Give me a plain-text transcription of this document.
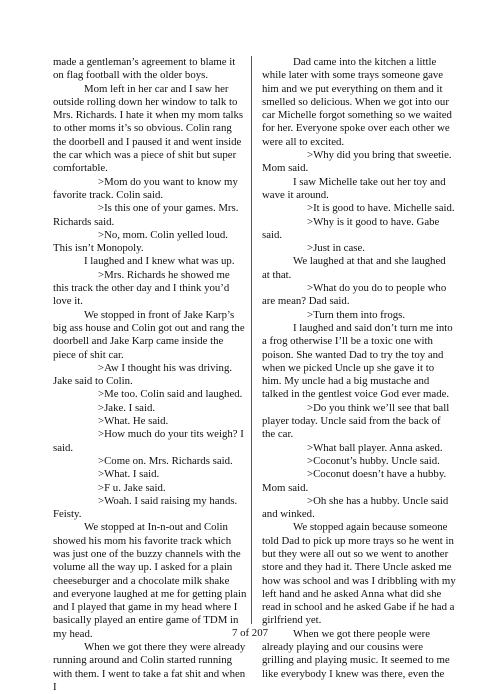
made a gentleman’s agreement to blame it on flag football with the older boys.

Mom left in her car and I saw her outside rolling down her window to talk to Mrs. Richards. I hate it when my mom talks to other moms it’s so obvious. Colin rang the doorbell and I paused it and went inside the car which was a piece of shit but super comfortable.

>Mom do you want to know my favorite track. Colin said.

>Is this one of your games. Mrs. Richards said.

>No, mom. Colin yelled loud. This isn’t Monopoly.

I laughed and I knew what was up.

>Mrs. Richards he showed me this track the other day and I think you’d love it.

We stopped in front of Jake Karp’s big ass house and Colin got out and rang the doorbell and Jake Karp came inside the piece of shit car.

>Aw I thought his was driving. Jake said to Colin.

>Me too. Colin said and laughed.

>Jake. I said.

>What. He said.

>How much do your tits weigh? I said.

>Come on. Mrs. Richards said.

>What. I said.

>F u. Jake said.

>Woah. I said raising my hands. Feisty.

We stopped at In-n-out and Colin showed his mom his favorite track which was just one of the buzzy channels with the volume all the way up. I asked for a plain cheeseburger and a chocolate milk shake and everyone laughed at me for getting plain and I played that game in my head where I basically played an entire game of TDM in my head.

When we got there they were already running around and Colin started running with them. I went to take a fat shit and when I

Dad came into the kitchen a little while later with some trays someone gave him and we put everything on them and it smelled so delicious. When we got into our car Michelle forgot something so we waited for her. Everyone spoke over each other we were all to excited.

>Why did you bring that sweetie. Mom said.

I saw Michelle take out her toy and wave it around.

>It is good to have. Michelle said.

>Why is it good to have. Gabe said.

>Just in case.

We laughed at that and she laughed at that.

>What do you do to people who are mean? Dad said.

>Turn them into frogs.

I laughed and said don’t turn me into a frog otherwise I’ll be a toxic one with poison. She wanted Dad to try the toy and when we picked Uncle up she gave it to him. My uncle had a big mustache and talked in the gentlest voice God ever made.

>Do you think we’ll see that ball player today. Uncle said from the back of the car.

>What ball player. Anna asked.

>Coconut’s hubby. Uncle said.

>Coconut doesn’t have a hubby. Mom said.

>Oh she has a hubby. Uncle said and winked.

We stopped again because someone told Dad to pick up more trays so he went in but they were all out so we went to another store and they had it. There Uncle asked me how was school and was I dribbling with my left hand and he asked Anna what did she read in school and he asked Gabe if he had a girlfriend yet.

When we got there people were already playing and our cousins were grilling and playing music. It seemed to me like everybody I knew was there, even the

7 of 207
